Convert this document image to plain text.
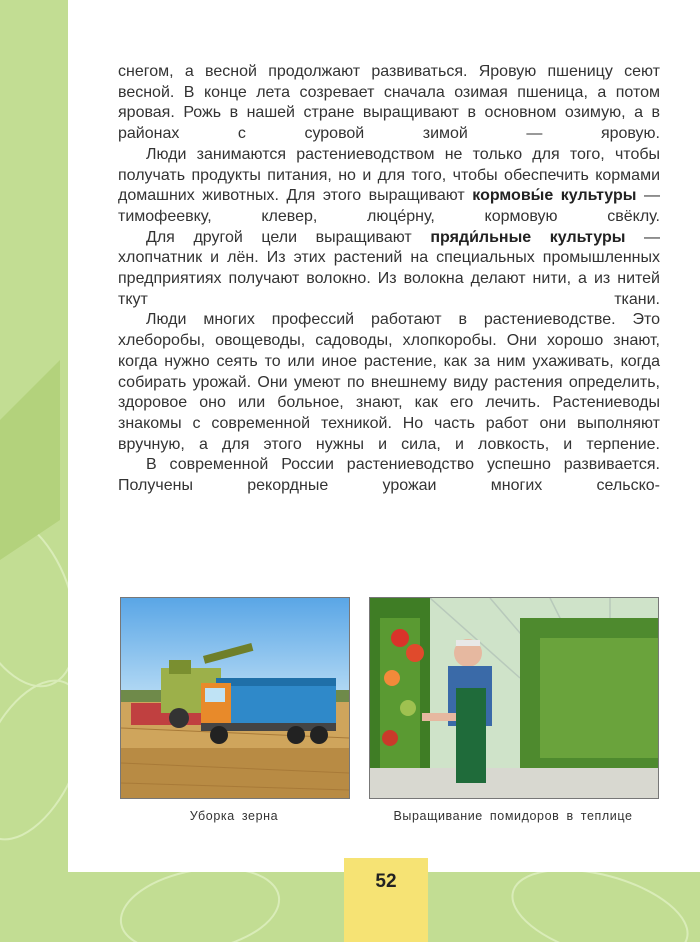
снегом, а весной продолжают развиваться. Яровую пшеницу сеют весной. В конце лета созревает сначала озимая пшеница, а потом яровая. Рожь в нашей стране выращивают в основном озимую, а в районах с суровой зимой — яровую.

Люди занимаются растениеводством не только для того, чтобы получать продукты питания, но и для того, чтобы обеспечить кормами домашних животных. Для этого выращивают кормовы́е культуры — тимофеевку, клевер, люце́рну, кормовую свёклу.

Для другой цели выращивают пряди́льные культуры — хлопчатник и лён. Из этих растений на специальных промышленных предприятиях получают волокно. Из волокна делают нити, а из нитей ткут ткани.

Люди многих профессий работают в растениеводстве. Это хлеборобы, овощеводы, садоводы, хлопкоробы. Они хорошо знают, когда нужно сеять то или иное растение, как за ним ухаживать, когда собирать урожай. Они умеют по внешнему виду растения определить, здоровое оно или больное, знают, как его лечить. Растениеводы знакомы с современной техникой. Но часть работ они выполняют вручную, а для этого нужны и сила, и ловкость, и терпение.

В современной России растениеводство успешно развивается. Получены рекордные урожаи многих сельско-

Уборка зерна	Выращивание помидоров в теплице
52
